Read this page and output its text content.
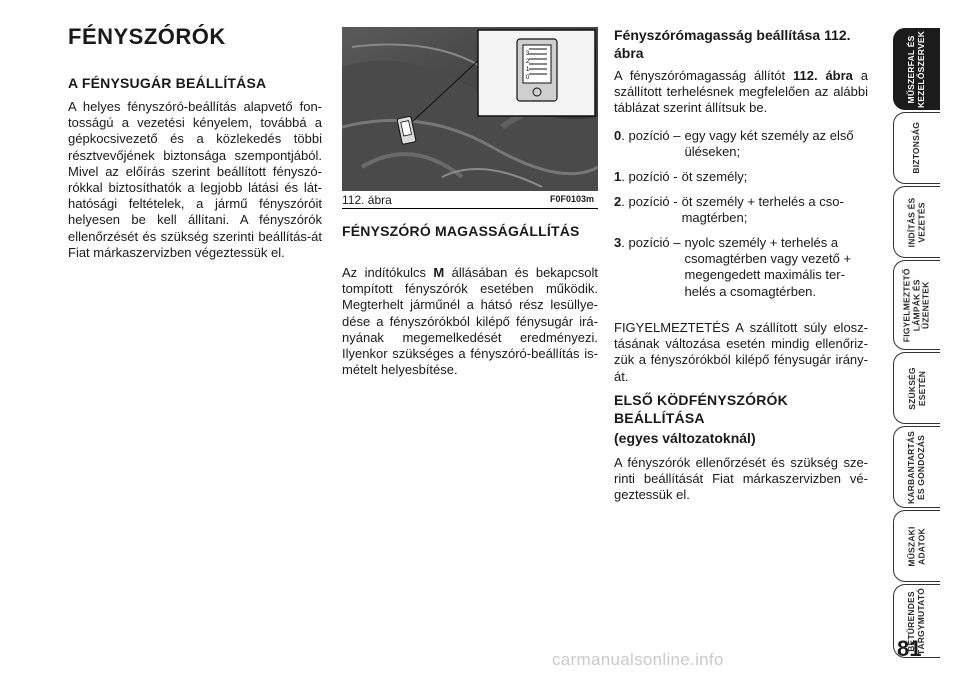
FÉNYSZÓRÓK
A FÉNYSUGÁR BEÁLLÍTÁSA
A helyes fényszóró-beállítás alapvető fon-tosságú a vezetési kényelem, továbbá a gépkocsivezető és a közlekedés többi résztvevőjének biztonsága szempontjából. Mivel az előírás szerint beállított fényszó-rókkal biztosíthatók a legjobb látási és lát-hatósági feltételek, a jármű fényszóróit helyesen be kell állítani. A fényszórók ellenőrzését és szükség szerinti beállítás-át Fiat márkaszervizben végeztessük el.
3
2
1
0
112. ábra	F0F0103m
FÉNYSZÓRÓ MAGASSÁGÁLLÍTÁS
Az indítókulcs M állásában és bekapcsolt tompított fényszórók esetében működik. Megterhelt járműnél a hátsó rész lesüllye-dése a fényszórókból kilépő fénysugár irá-nyának megemelkedését eredményezi. Ilyenkor szükséges a fényszóró-beállítás is-mételt helyesbítése.
Fényszórómagasság beállítása 112. ábra
A fényszórómagasság állítót 112. ábra a szállított terhelésnek megfelelően az alábbi táblázat szerint állítsuk be.
0. pozíció – egy vagy két személy az első üléseken;
1. pozíció - öt személy;
2. pozíció - öt személy + terhelés a cso-magtérben;
3. pozíció – nyolc személy + terhelés a csomagtérben vagy vezető + megengedett maximális ter-helés a csomagtérben.
FIGYELMEZTETÉS A szállított súly elosz-tásának változása esetén mindig ellenőriz-zük a fényszórókból kilépő fénysugár irány-át.
ELSŐ KÖDFÉNYSZÓRÓK BEÁLLÍTÁSA
(egyes változatoknál)
A fényszórók ellenőrzését és szükség sze-rinti beállítását Fiat márkaszervizben vé-geztessük el.
MŰSZERFAL ÉS
KEZELŐSZERVEK
BIZTONSÁG
INDÍTÁS ÉS
VEZETÉS
FIGYELMEZTETŐ
LÁMPÁK ÉS
ÜZENETEK
SZÜKSÉG
ESETÉN
KARBANTARTÁS
ÉS GONDOZÁS
MŰSZAKI
ADATOK
BETŰRENDES
TÁRGYMUTATÓ
81
carmanualsonline.info
